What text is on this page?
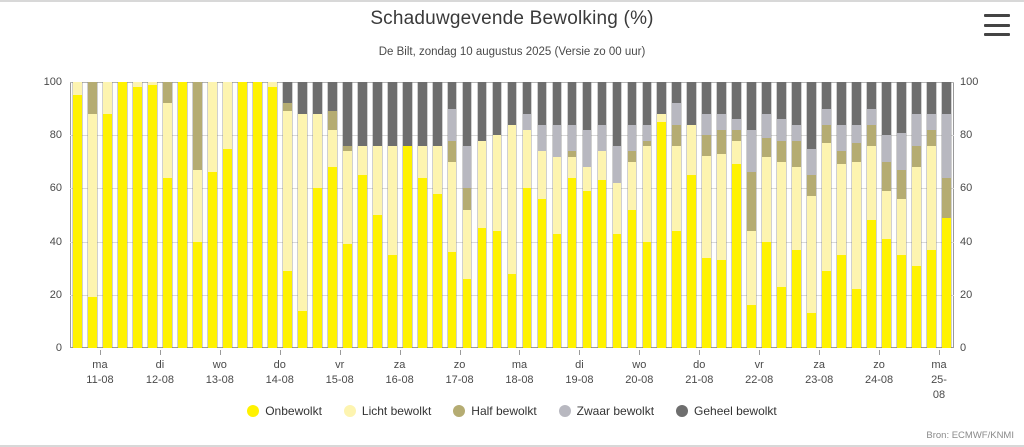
Schaduwgevende Bewolking (%)
De Bilt, zondag 10 augustus 2025 (Versie zo 00 uur)
0
20
40
60
80
100
0
20
40
60
80
100
ma
11-08
di
12-08
wo
13-08
do
14-08
vr
15-08
za
16-08
zo
17-08
ma
18-08
di
19-08
wo
20-08
do
21-08
vr
22-08
za
23-08
zo
24-08
ma
25-08
Onbewolkt	Licht bewolkt	Half bewolkt	Zwaar bewolkt	Geheel bewolkt
Bron: ECMWF/KNMI
